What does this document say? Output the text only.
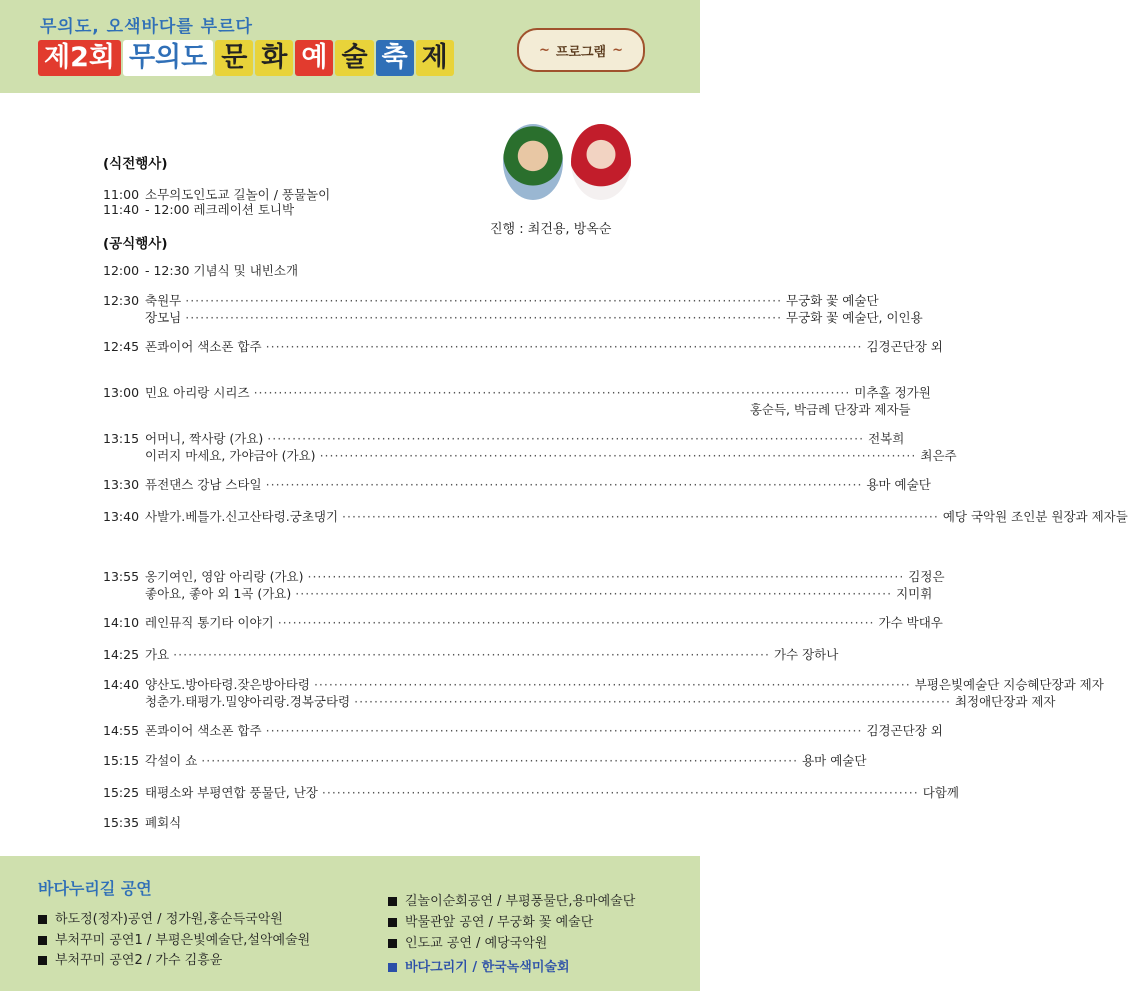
무의도, 오색바다를 부르다
제2회 무의도 문 화 예 술 축 제
~	프로그램 ~
진행 : 최건용, 방옥순
(식전행사)
11:00 소무의도인도교 길놀이 / 풍물놀이
11:40 - 12:00 레크레이션 토니박
(공식행사)
12:00 - 12:30 기념식 및 내빈소개
12:30 축원무 ························································································································ 무궁화 꽃 예술단
장모님 ························································································································ 무궁화 꽃 예술단, 이인용
12:45 폰콰이어 색소폰 합주 ························································································································ 김경곤단장 외
13:00 민요 아리랑 시리즈 ························································································································ 미추홀 정가원
홍순득, 박금례 단장과 제자들
13:15 어머니, 짝사랑 (가요) ························································································································ 전복희
이러지 마세요, 가야금아 (가요) ························································································································ 최은주
13:30 퓨전댄스 강남 스타일 ························································································································ 용마 예술단
13:40 사발가.베틀가.신고산타령.궁초댕기 ························································································································ 예당 국악원 조인분 원장과 제자들
13:55 옹기여인, 영암 아리랑 (가요) ························································································································ 김정은
좋아요, 좋아 외 1곡 (가요) ························································································································ 지미휘
14:10 레인뮤직 통기타 이야기 ························································································································ 가수 박대우
14:25 가요 ························································································································ 가수 장하나
14:40 양산도.방아타령.잦은방아타령 ························································································································ 부평은빛예술단 지승혜단장과 제자
청춘가.태평가.밀양아리랑.경복궁타령 ························································································································ 최정애단장과 제자
14:55 폰콰이어 색소폰 합주 ························································································································ 김경곤단장 외
15:15 각설이 쇼 ························································································································ 용마 예술단
15:25 태평소와 부평연합 풍물단, 난장 ························································································································ 다함께
15:35 폐회식
바다누리길 공연
하도정(정자)공연 / 정가원,홍순득국악원
부처꾸미 공연1 / 부평은빛예술단,설악예술원
부처꾸미 공연2 / 가수 김흥윤
길놀이순회공연 / 부평풍물단,용마예술단
박물관앞 공연 / 무궁화 꽃 예술단
인도교 공연 / 예당국악원
바다그리기 / 한국녹색미술회
